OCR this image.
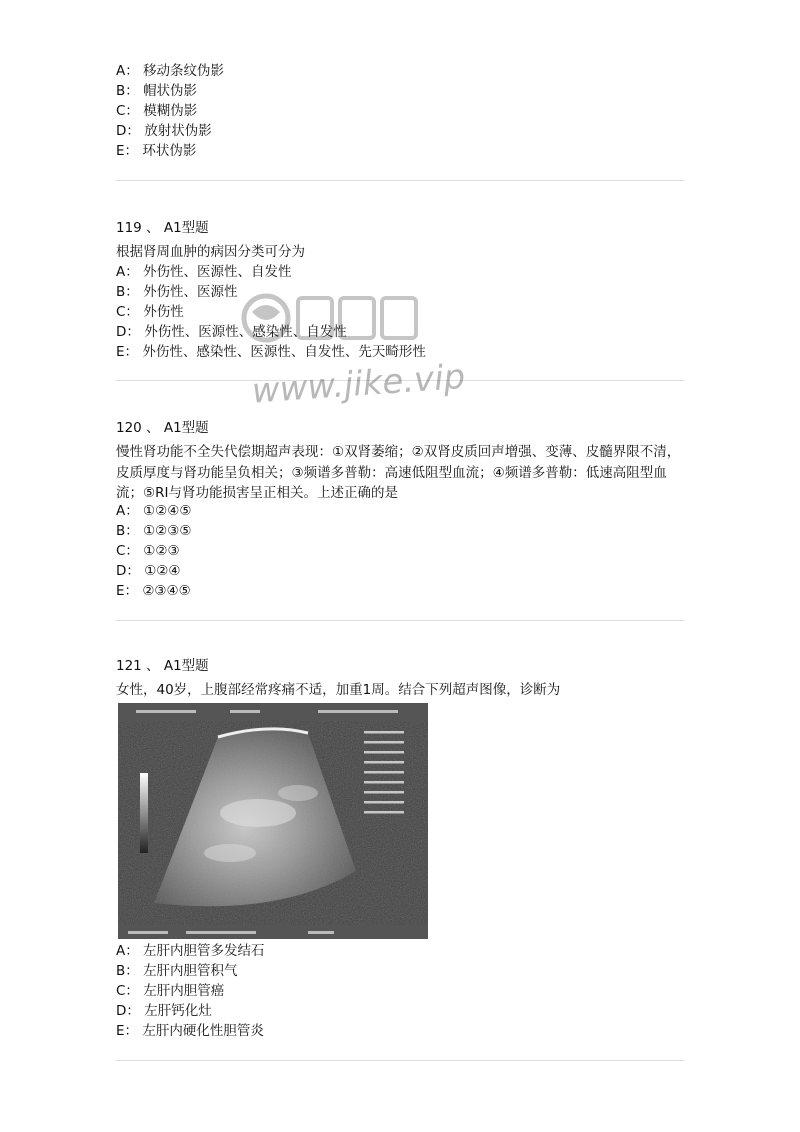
A： 移动条纹伪影
B： 帽状伪影
C： 模糊伪影
D： 放射状伪影
E： 环状伪影
119 、 A1型题
根据肾周血肿的病因分类可分为
A： 外伤性、医源性、自发性
B： 外伤性、医源性
C： 外伤性
D： 外伤性、医源性、感染性、自发性
E： 外伤性、感染性、医源性、自发性、先天畸形性
120 、 A1型题
慢性肾功能不全失代偿期超声表现：①双肾萎缩；②双肾皮质回声增强、变薄、皮髓界限不清，皮质厚度与肾功能呈负相关；③频谱多普勒：高速低阻型血流；④频谱多普勒：低速高阻型血流；⑤RI与肾功能损害呈正相关。上述正确的是
A： ①②④⑤
B： ①②③⑤
C： ①②③
D： ①②④
E： ②③④⑤
121 、 A1型题
女性，40岁，上腹部经常疼痛不适，加重1周。结合下列超声图像，诊断为
A： 左肝内胆管多发结石
B： 左肝内胆管积气
C： 左肝内胆管癌
D： 左肝钙化灶
E： 左肝内硬化性胆管炎
www.jike.vip
